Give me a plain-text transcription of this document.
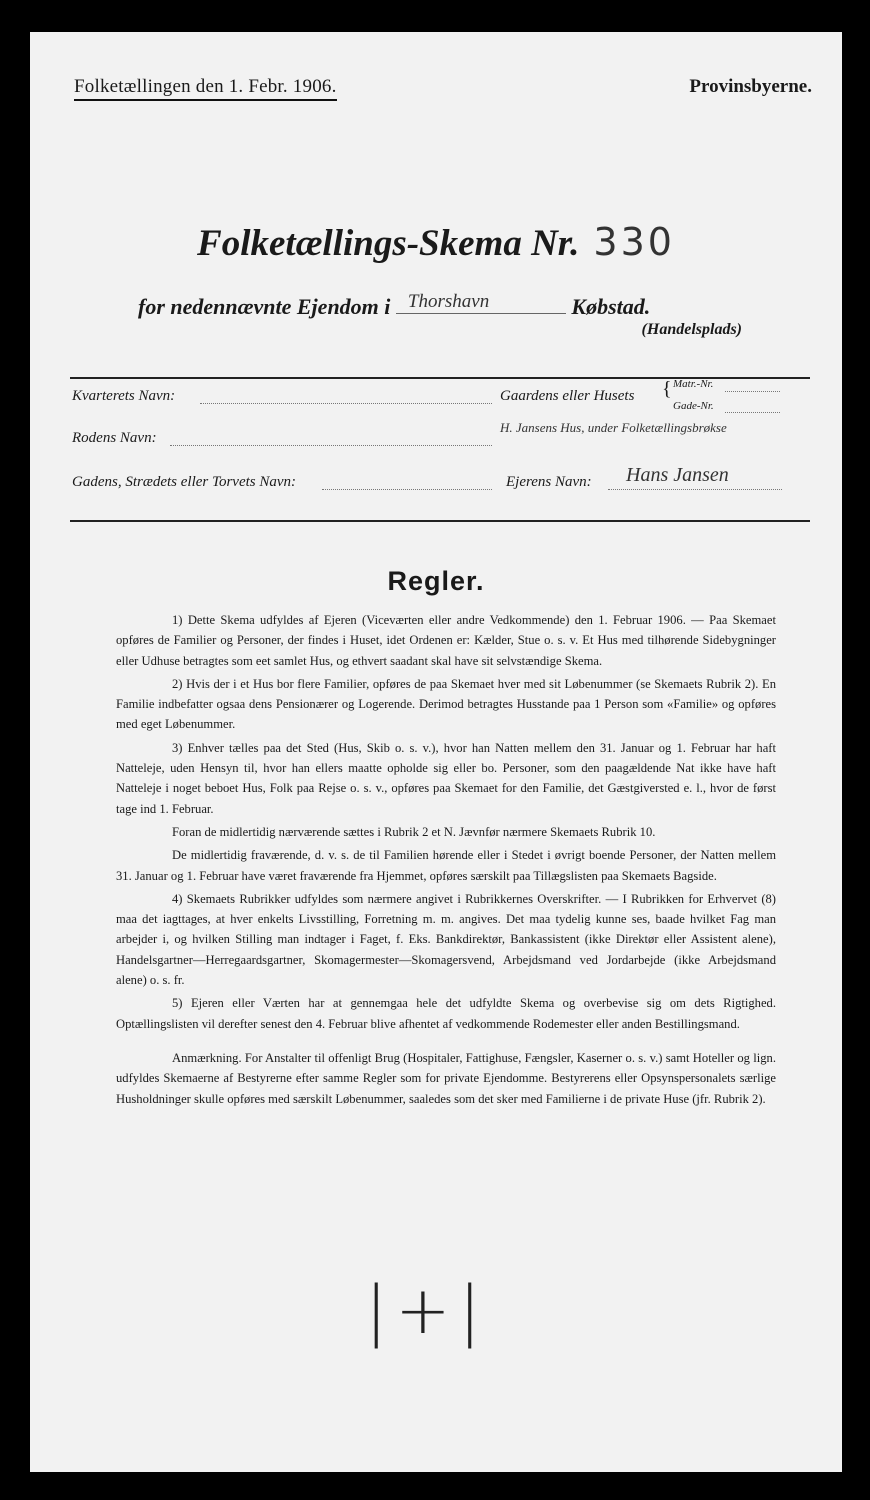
Folketællingen den 1. Febr. 1906.	Provinsbyerne.
Folketællings-Skema Nr. 330
for nedennævnte Ejendom i Thorshavn	Købstad.
(Handelsplads)
Kvarterets Navn:	Gaardens eller Husets { Matr.-Nr.
Gade-Nr.
H. Jansens Hus, under Folketællingsbrøkse
Rodens Navn:
Gadens, Strædets eller Torvets Navn:	Ejerens Navn: Hans Jansen
Regler.

1) Dette Skema udfyldes af Ejeren (Viceværten eller andre Vedkommende) den 1. Februar 1906. — Paa Skemaet opføres de Familier og Personer, der findes i Huset, idet Ordenen er: Kælder, Stue o. s. v. Et Hus med tilhørende Sidebygninger eller Udhuse betragtes som eet samlet Hus, og ethvert saadant skal have sit selvstændige Skema.

2) Hvis der i et Hus bor flere Familier, opføres de paa Skemaet hver med sit Løbenummer (se Skemaets Rubrik 2). En Familie indbefatter ogsaa dens Pensionærer og Logerende. Derimod betragtes Husstande paa 1 Person som «Familie» og opføres med eget Løbenummer.

3) Enhver tælles paa det Sted (Hus, Skib o. s. v.), hvor han Natten mellem den 31. Januar og 1. Februar har haft Natteleje, uden Hensyn til, hvor han ellers maatte opholde sig eller bo. Personer, som den paagældende Nat ikke have haft Natteleje i noget beboet Hus, Folk paa Rejse o. s. v., opføres paa Skemaet for den Familie, det Gæstgiversted e. l., hvor de først tage ind 1. Februar.

Foran de midlertidig nærværende sættes i Rubrik 2 et N. Jævnfør nærmere Skemaets Rubrik 10.

De midlertidig fraværende, d. v. s. de til Familien hørende eller i Stedet i øvrigt boende Personer, der Natten mellem 31. Januar og 1. Februar have været fraværende fra Hjemmet, opføres særskilt paa Tillægslisten paa Skemaets Bagside.

4) Skemaets Rubrikker udfyldes som nærmere angivet i Rubrikkernes Overskrifter. — I Rubrikken for Erhvervet (8) maa det iagttages, at hver enkelts Livsstilling, Forretning m. m. angives. Det maa tydelig kunne ses, baade hvilket Fag man arbejder i, og hvilken Stilling man indtager i Faget, f. Eks. Bankdirektør, Bankassistent (ikke Direktør eller Assistent alene), Handelsgartner—Herregaardsgartner, Skomagermester—Skomagersvend, Arbejdsmand ved Jordarbejde (ikke Arbejdsmand alene) o. s. fr.

5) Ejeren eller Værten har at gennemgaa hele det udfyldte Skema og overbevise sig om dets Rigtighed. Optællingslisten vil derefter senest den 4. Februar blive afhentet af vedkommende Rodemester eller anden Bestillingsmand.

Anmærkning. For Anstalter til offenligt Brug (Hospitaler, Fattighuse, Fængsler, Kaserner o. s. v.) samt Hoteller og lign. udfyldes Skemaerne af Bestyrerne efter samme Regler som for private Ejendomme. Bestyrerens eller Opsynspersonalets særlige Husholdninger skulle opføres med særskilt Løbenummer, saaledes som det sker med Familierne i de private Huse (jfr. Rubrik 2).

|+|
